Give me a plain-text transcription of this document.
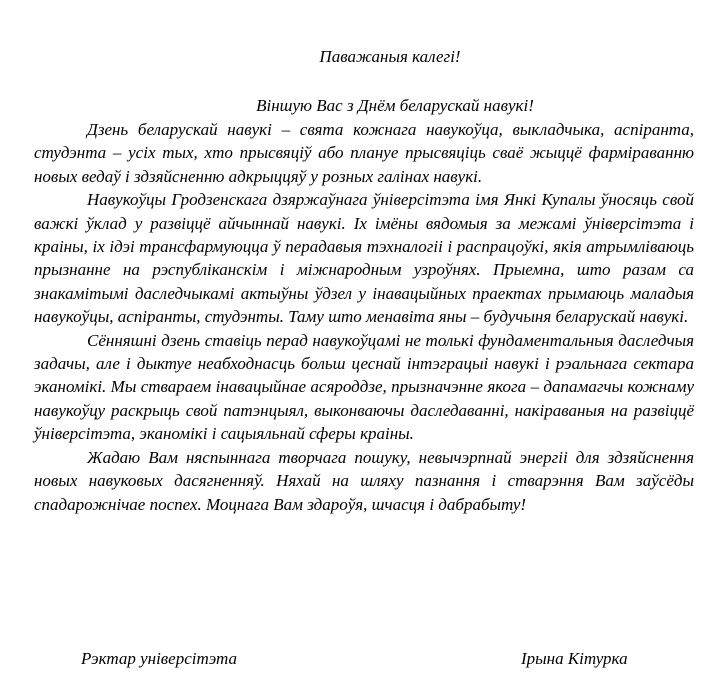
Паважаныя калегі!
Віншую Вас з Днём беларускай навукі!

Дзень беларускай навукі – свята кожнага навукоўца, выкладчыка, аспіранта, студэнта – усіх тых, хто прысвяціў або плануе прысвяціць сваё жыццё фарміраванню новых ведаў і здзяйсненню адкрыццяў у розных галінах навукі.

Навукоўцы Гродзенскага дзяржаўнага ўніверсітэта імя Янкі Купалы ўносяць свой важкі ўклад у развіццё айчыннай навукі. Іх імёны вядомыя за межамі ўніверсітэта і краіны, іх ідэі трансфармуюцца ў перадавыя тэхналогіі і распрацоўкі, якія атрымліваюць прызнанне на рэспубліканскім і міжнародным узроўнях. Прыемна, што разам са знакамітымі даследчыкамі актыўны ўдзел у інавацыйных праектах прымаюць маладыя навукоўцы, аспіранты, студэнты. Таму што менавіта яны – будучыня беларускай навукі.

Сённяшні дзень ставіць перад навукоўцамі не толькі фундаментальныя даследчыя задачы, але і дыктуе неабходнасць больш цеснай інтэграцыі навукі і рэальнага сектара эканомікі. Мы ствараем інавацыйнае асяроддзе, прызначэнне якога – дапамагчы кожнаму навукоўцу раскрыць свой патэнцыял, выконваючы даследаванні, накіраваныя на развіццё ўніверсітэта, эканомікі і сацыяльнай сферы краіны.

Жадаю Вам няспыннага творчага пошуку, невычэрпнай энергіі для здзяйснення новых навуковых дасягненняў. Няхай на шляху пазнання і стварэння Вам заўсёды спадарожнічае поспех. Моцнага Вам здароўя, шчасця і дабрабыту!

Рэктар універсітэта	Ірына Кітурка
